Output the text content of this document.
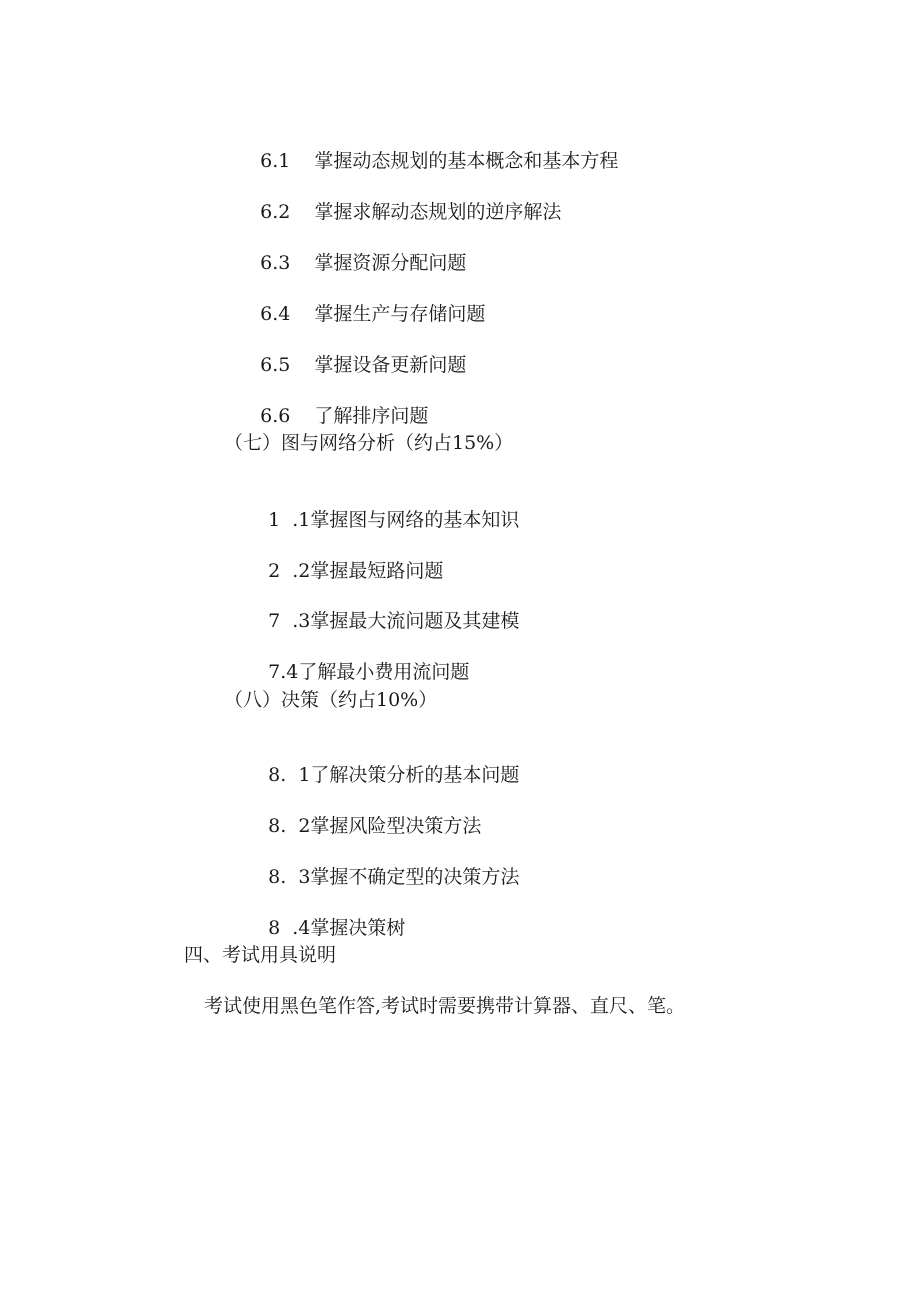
6.1 掌握动态规划的基本概念和基本方程

6.2 掌握求解动态规划的逆序解法

6.3 掌握资源分配问题

6.4 掌握生产与存储问题

6.5 掌握设备更新问题

6.6 了解排序问题

（七）图与网络分析（约占15%）

1 .1掌握图与网络的基本知识

2 .2掌握最短路问题

7 .3掌握最大流问题及其建模

7.4了解最小费用流问题

（八）决策（约占10%）

8. 1了解决策分析的基本问题

8. 2掌握风险型决策方法

8. 3掌握不确定型的决策方法

8 .4掌握决策树

四、考试用具说明
考试使用黑色笔作答,考试时需要携带计算器、直尺、笔。
